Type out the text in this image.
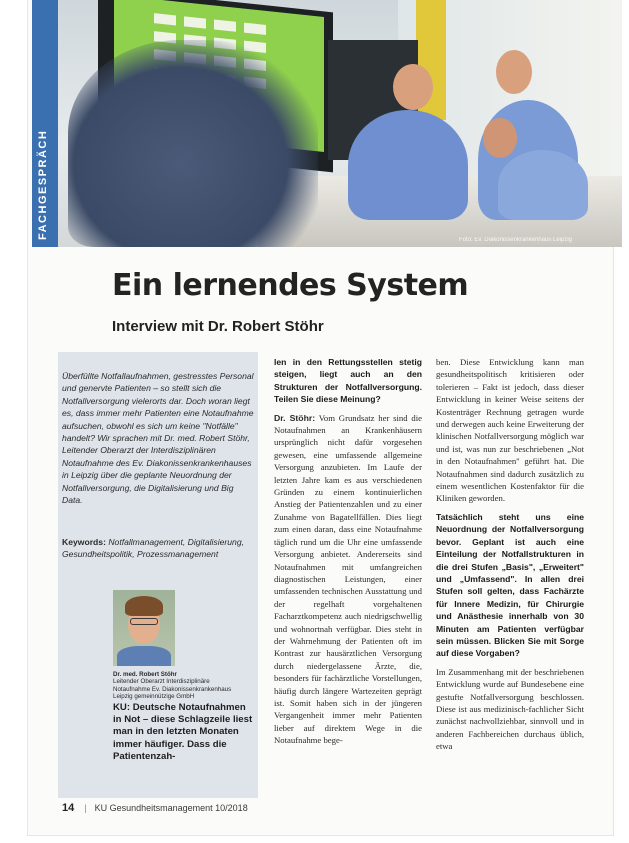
FACHGESPRÄCH	Foto: Ev. Diakonissenkrankenhaus Leipzig
Ein lernendes System
Interview mit Dr. Robert Stöhr

Überfüllte Notfallaufnahmen, gestresstes Personal und genervte Patienten – so stellt sich die Notfallversorgung vielerorts dar. Doch woran liegt es, dass immer mehr Patienten eine Notaufnahme aufsuchen, obwohl es sich um keine "Notfälle" handelt? Wir sprachen mit Dr. med. Robert Stöhr, Leitender Oberarzt der Interdisziplinären Notaufnahme des Ev. Diakonissenkrankenhauses in Leipzig über die geplante Neuordnung der Notfallversorgung, die Digitalisierung und Big Data.

Keywords: Notfallmanagement, Digitalisierung, Gesundheitspolitik, Prozessmanagement

Dr. med. Robert Stöhr
Leitender Oberarzt Interdisziplinäre Notaufnahme Ev. Diakonissenkrankenhaus Leipzig gemeinnützige GmbH

KU: Deutsche Notaufnahmen in Not – diese Schlagzeile liest man in den letzten Monaten immer häufiger. Dass die Patientenzah-

len in den Rettungsstellen stetig steigen, liegt auch an den Strukturen der Notfallversorgung. Teilen Sie diese Meinung?

Dr. Stöhr: Vom Grundsatz her sind die Notaufnahmen an Krankenhäusern ursprünglich nicht dafür vorgesehen gewesen, eine umfassende allgemeine Versorgung anzubieten. Im Laufe der letzten Jahre kam es aus verschiedenen Gründen zu einem kontinuierlichen Anstieg der Patientenzahlen und zu einer Zunahme von Bagatellfällen. Dies liegt zum einen daran, dass eine Notaufnahme täglich rund um die Uhr eine umfassende Versorgung anbietet. Andererseits sind Notaufnahmen mit umfangreichen diagnostischen Leistungen, einer umfassenden technischen Ausstattung und der regelhaft vorgehaltenen Facharztkompetenz auch niedrigschwellig und wohnortnah verfügbar. Dies steht in der Wahrnehmung der Patienten oft im Kontrast zur hausärztlichen Versorgung durch niedergelassene Ärzte, die, besonders für fachärztliche Vorstellungen, häufig durch längere Wartezeiten geprägt ist. Somit haben sich in der jüngeren Vergangenheit immer mehr Patienten lieber auf direktem Wege in die Notaufnahme bege-

ben. Diese Entwicklung kann man gesundheitspolitisch kritisieren oder tolerieren – Fakt ist jedoch, dass dieser Entwicklung in keiner Weise seitens der Kostenträger Rechnung getragen wurde und derwegen auch keine Erweiterung der klinischen Notfallversorgung möglich war und ist, was nun zur beschriebenen „Not in den Notaufnahmen" geführt hat. Die Notaufnahmen sind dadurch zusätzlich zu einem wesentlichen Kostenfaktor für die Kliniken geworden.

Tatsächlich steht uns eine Neuordnung der Notfallversorgung bevor. Geplant ist auch eine Einteilung der Notfallstrukturen in die drei Stufen „Basis", „Erweitert" und „Umfassend". In allen drei Stufen soll gelten, dass Fachärzte für Innere Medizin, für Chirurgie und Anästhesie innerhalb von 30 Minuten am Patienten verfügbar sein müssen. Blicken Sie mit Sorge auf diese Vorgaben?

Im Zusammenhang mit der beschriebenen Entwicklung wurde auf Bundesebene eine gestufte Notfallversorgung beschlossen. Diese ist aus medizinisch-fachlicher Sicht zunächst nachvollziehbar, sinnvoll und in anderen Fachbereichen durchaus üblich, etwa

14 | KU Gesundheitsmanagement 10/2018
